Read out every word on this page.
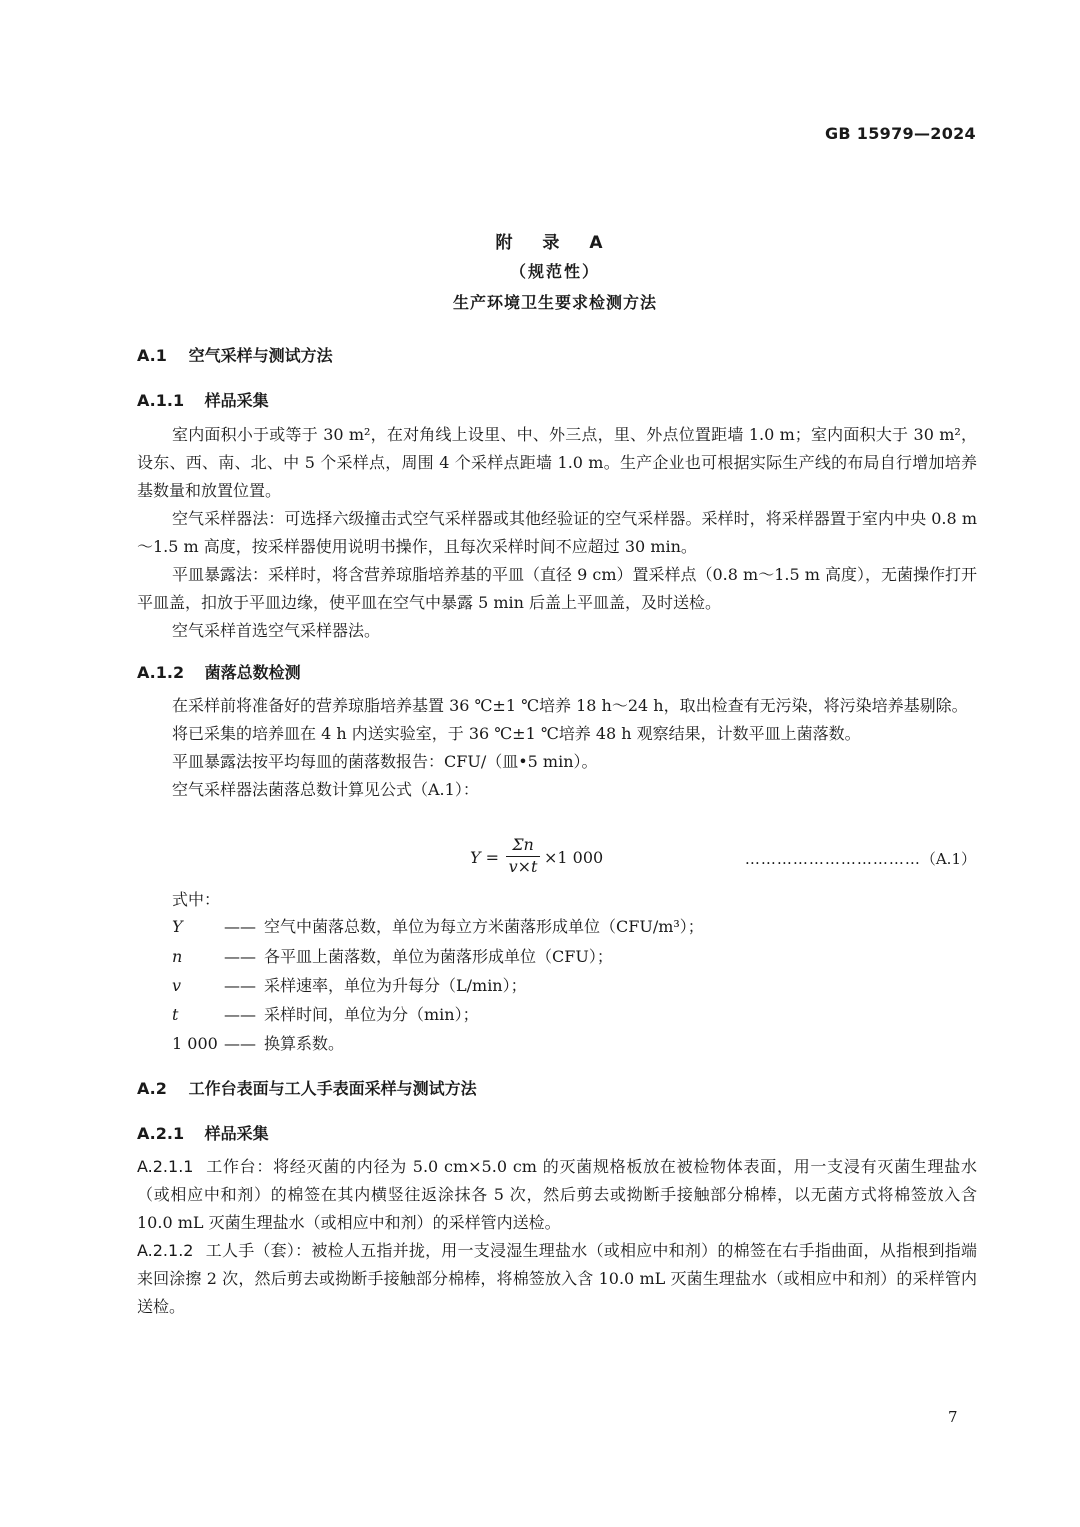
GB 15979—2024
附 录 A
（规范性）
生产环境卫生要求检测方法
A.1 空气采样与测试方法
A.1.1 样品采集

室内面积小于或等于 30 m²，在对角线上设里、中、外三点，里、外点位置距墙 1.0 m；室内面积大于 30 m²，设东、西、南、北、中 5 个采样点，周围 4 个采样点距墙 1.0 m。生产企业也可根据实际生产线的布局自行增加培养基数量和放置位置。

空气采样器法：可选择六级撞击式空气采样器或其他经验证的空气采样器。采样时，将采样器置于室内中央 0.8 m～1.5 m 高度，按采样器使用说明书操作，且每次采样时间不应超过 30 min。

平皿暴露法：采样时，将含营养琼脂培养基的平皿（直径 9 cm）置采样点（0.8 m～1.5 m 高度），无菌操作打开平皿盖，扣放于平皿边缘，使平皿在空气中暴露 5 min 后盖上平皿盖，及时送检。

空气采样首选空气采样器法。

A.1.2 菌落总数检测

在采样前将准备好的营养琼脂培养基置 36 ℃±1 ℃培养 18 h～24 h，取出检查有无污染，将污染培养基剔除。

将已采集的培养皿在 4 h 内送实验室，于 36 ℃±1 ℃培养 48 h 观察结果，计数平皿上菌落数。

平皿暴露法按平均每皿的菌落数报告：CFU/（皿•5 min）。

空气采样器法菌落总数计算见公式（A.1）：

$Y = \frac{\Sigma n}{v\times t} \times 1$ 000	……………………………（A.1）
式中：
Y	—— 空气中菌落总数，单位为每立方米菌落形成单位（CFU/m³）；
n	—— 各平皿上菌落数，单位为菌落形成单位（CFU）；
v	—— 采样速率，单位为升每分（L/min）；
t	—— 采样时间，单位为分（min）；
1 000 —— 换算系数。
A.2 工作台表面与工人手表面采样与测试方法
A.2.1 样品采集

A.2.1.1 工作台：将经灭菌的内径为 5.0 cm×5.0 cm 的灭菌规格板放在被检物体表面，用一支浸有灭菌生理盐水（或相应中和剂）的棉签在其内横竖往返涂抹各 5 次，然后剪去或拗断手接触部分棉棒，以无菌方式将棉签放入含 10.0 mL 灭菌生理盐水（或相应中和剂）的采样管内送检。

A.2.1.2 工人手（套）：被检人五指并拢，用一支浸湿生理盐水（或相应中和剂）的棉签在右手指曲面，从指根到指端来回涂擦 2 次，然后剪去或拗断手接触部分棉棒，将棉签放入含 10.0 mL 灭菌生理盐水（或相应中和剂）的采样管内送检。

7
